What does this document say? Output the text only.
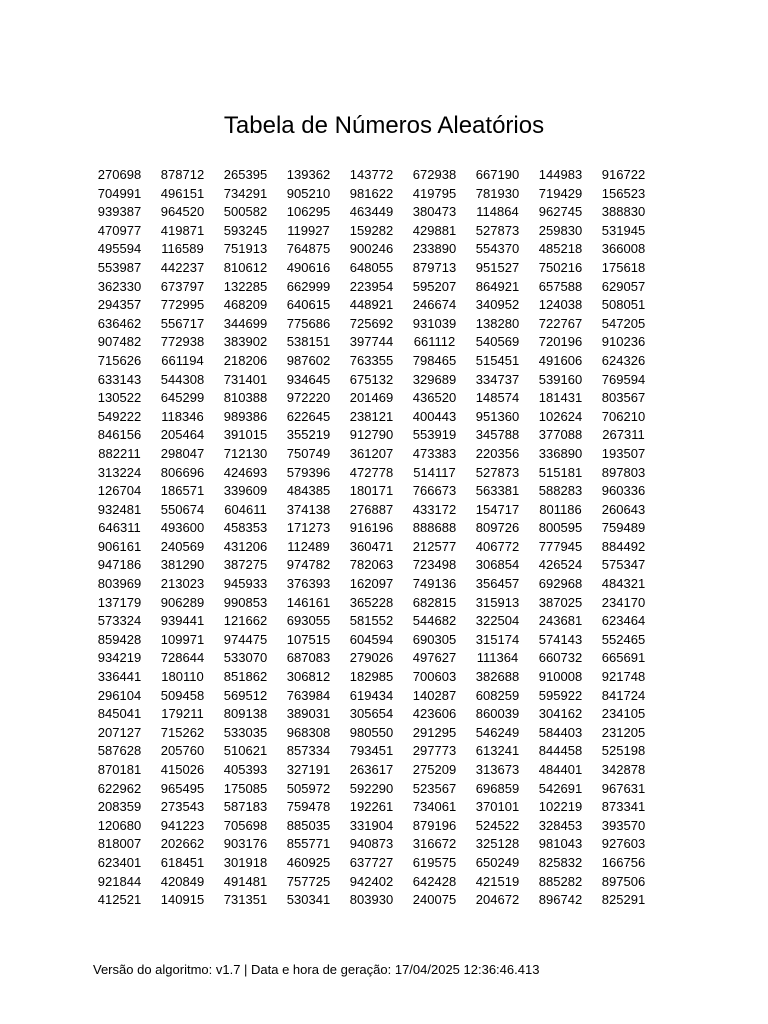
Tabela de Números Aleatórios
270698	878712	265395	139362	143772	672938	667190	144983	916722
704991	496151	734291	905210	981622	419795	781930	719429	156523
939387	964520	500582	106295	463449	380473	114864	962745	388830
470977	419871	593245	119927	159282	429881	527873	259830	531945
495594	116589	751913	764875	900246	233890	554370	485218	366008
553987	442237	810612	490616	648055	879713	951527	750216	175618
362330	673797	132285	662999	223954	595207	864921	657588	629057
294357	772995	468209	640615	448921	246674	340952	124038	508051
636462	556717	344699	775686	725692	931039	138280	722767	547205
907482	772938	383902	538151	397744	661112	540569	720196	910236
715626	661194	218206	987602	763355	798465	515451	491606	624326
633143	544308	731401	934645	675132	329689	334737	539160	769594
130522	645299	810388	972220	201469	436520	148574	181431	803567
549222	118346	989386	622645	238121	400443	951360	102624	706210
846156	205464	391015	355219	912790	553919	345788	377088	267311
882211	298047	712130	750749	361207	473383	220356	336890	193507
313224	806696	424693	579396	472778	514117	527873	515181	897803
126704	186571	339609	484385	180171	766673	563381	588283	960336
932481	550674	604611	374138	276887	433172	154717	801186	260643
646311	493600	458353	171273	916196	888688	809726	800595	759489
906161	240569	431206	112489	360471	212577	406772	777945	884492
947186	381290	387275	974782	782063	723498	306854	426524	575347
803969	213023	945933	376393	162097	749136	356457	692968	484321
137179	906289	990853	146161	365228	682815	315913	387025	234170
573324	939441	121662	693055	581552	544682	322504	243681	623464
859428	109971	974475	107515	604594	690305	315174	574143	552465
934219	728644	533070	687083	279026	497627	111364	660732	665691
336441	180110	851862	306812	182985	700603	382688	910008	921748
296104	509458	569512	763984	619434	140287	608259	595922	841724
845041	179211	809138	389031	305654	423606	860039	304162	234105
207127	715262	533035	968308	980550	291295	546249	584403	231205
587628	205760	510621	857334	793451	297773	613241	844458	525198
870181	415026	405393	327191	263617	275209	313673	484401	342878
622962	965495	175085	505972	592290	523567	696859	542691	967631
208359	273543	587183	759478	192261	734061	370101	102219	873341
120680	941223	705698	885035	331904	879196	524522	328453	393570
818007	202662	903176	855771	940873	316672	325128	981043	927603
623401	618451	301918	460925	637727	619575	650249	825832	166756
921844	420849	491481	757725	942402	642428	421519	885282	897506
412521	140915	731351	530341	803930	240075	204672	896742	825291
Versão do algoritmo: v1.7 | Data e hora de geração: 17/04/2025 12:36:46.413
